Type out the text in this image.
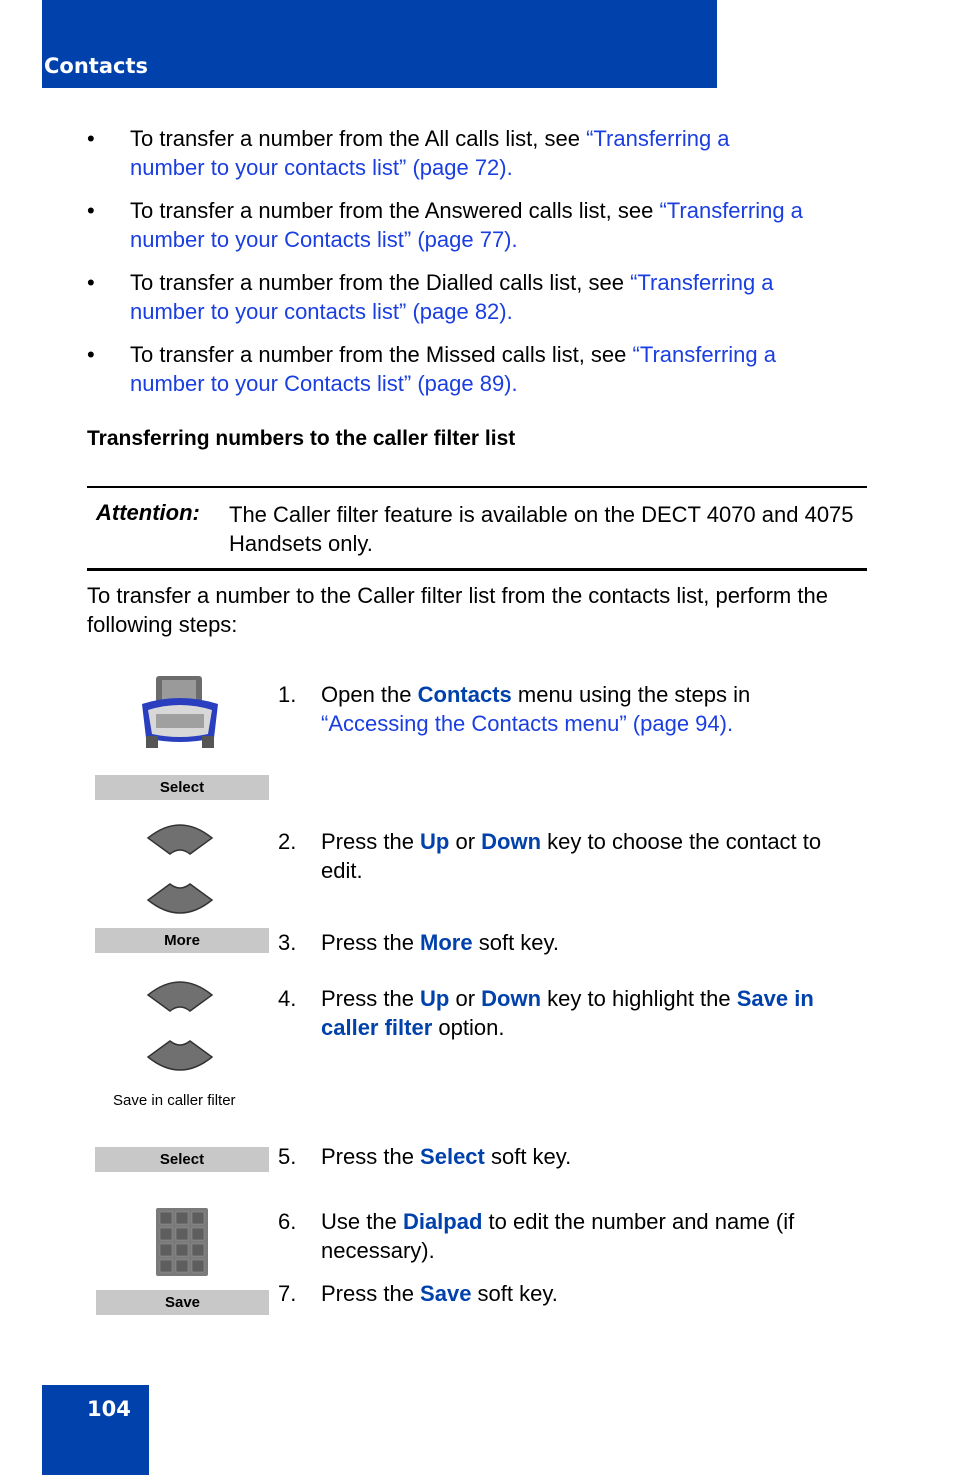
Contacts
• To transfer a number from the All calls list, see “Transferring a
number to your contacts list” (page 72).
• To transfer a number from the Answered calls list, see “Transferring a
number to your Contacts list” (page 77).
• To transfer a number from the Dialled calls list, see “Transferring a
number to your contacts list” (page 82).
• To transfer a number from the Missed calls list, see “Transferring a
number to your Contacts list” (page 89).
Transferring numbers to the caller filter list
Attention: The Caller filter feature is available on the DECT 4070 and 4075 Handsets only.
To transfer a number to the Caller filter list from the contacts list, perform the following steps:
Select
More
Save in caller filter
Select
Save
1. Open the Contacts menu using the steps in
“Accessing the Contacts menu” (page 94).
2. Press the Up or Down key to choose the contact to edit.
3. Press the More soft key.
4. Press the Up or Down key to highlight the Save in caller filter option.
5. Press the Select soft key.
6. Use the Dialpad to edit the number and name (if necessary).
7. Press the Save soft key.
104
